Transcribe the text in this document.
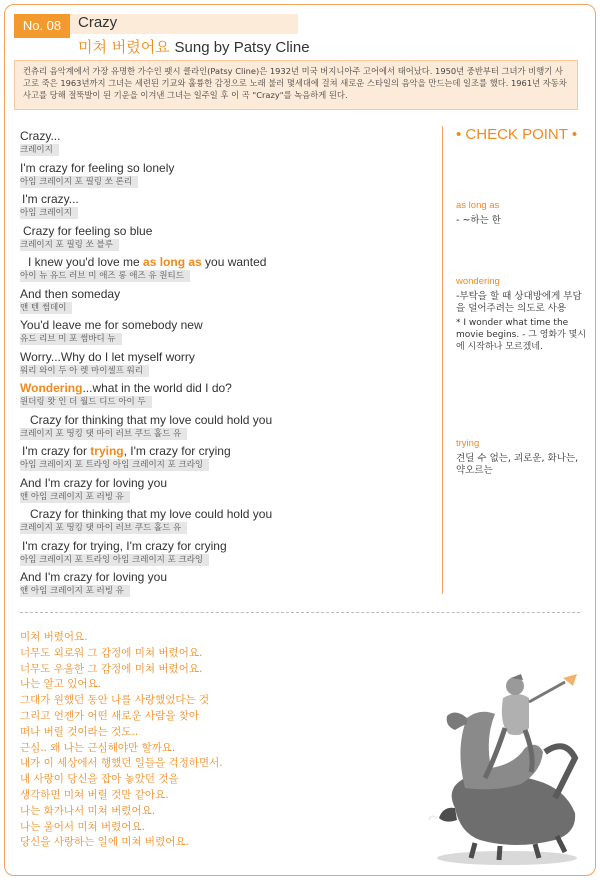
No. 08	Crazy
미쳐 버렸어요 Sung by Patsy Cline
컨츄리 음악계에서 가장 유명한 가수인 팻시 클라인(Patsy Cline)은 1932년 미국 버지니아주 고어에서 태어났다. 1950년 중반부터 그녀가 비행기 사고로 죽은 1963년까지 그녀는 세련된 기교와 훌륭한 감정으로 노래 불러 몇세대에 걸쳐 새로운 스타일의 음악을 만드는데 일조를 했다. 1961년 자동차 사고를 당해 절뚝발이 된 기운을 이겨낸 그녀는 일주일 후 이 곡 "Crazy"를 녹음하게 된다.
Crazy...
크레이지
I'm crazy for feeling so lonely
아임 크레이지 포 필링 쏘 론리
I'm crazy...
아임 크레이지
Crazy for feeling so blue
크레이지 포 필링 쏘 블루
I knew you'd love me as long as you wanted
아이 뉴 유드 러브 미 애즈 롱 애즈 유 원티드
And then someday
앤 텐 썸데이
You'd leave me for somebody new
유드 리브 미 포 썸바디 뉴
Worry...Why do I let myself worry
워리 와이 두 아 렛 마이셀프 워리
Wondering...what in the world did I do?
원더링 왓 인 더 월드 디드 아이 두
Crazy for thinking that my love could hold you
크레이지 포 띵킹 댓 마이 러브 쿠드 홀드 유
I'm crazy for trying, I'm crazy for crying
아임 크레이지 포 트라잉 아임 크레이지 포 크라잉
And I'm crazy for loving you
앤 아임 크레이지 포 러빙 유
Crazy for thinking that my love could hold you
크레이지 포 띵킹 댓 마이 러브 쿠드 홀드 유
I'm crazy for trying, I'm crazy for crying
아임 크레이지 포 트라잉 아임 크레이지 포 크라잉
And I'm crazy for loving you
앤 아임 크레이지 포 러빙 유
• CHECK POINT •
as long as
- ~하는 한
wondering
-부탁을 할 때 상대방에게 부담을 덜어주려는 의도로 사용
* I wonder what time the movie begins. - 그 영화가 몇시에 시작하나 모르겠네.
trying
견딜 수 없는, 괴로운, 화나는, 약오르는
미쳐 버렸어요.
너무도 외로워 그 감정에 미쳐 버렸어요.
너무도 우울한 그 감정에 미쳐 버렸어요.
나는 알고 있어요.
그대가 원했던 동안 나를 사랑했었다는 것
그리고 언젠가 어떤 새로운 사람을 찾아
떠나 버릴 것이라는 것도..
근심.. 왜 나는 근심해야만 할까요.
내가 이 세상에서 행했던 일들을 걱정하면서.
내 사랑이 당신을 잡아 놓았던 것을
생각하면 미쳐 버릴 것만 같아요.
나는 화가나서 미쳐 버렸어요.
나는 울어서 미쳐 버렸어요.
당신을 사랑하는 일에 미쳐 버렸어요.
